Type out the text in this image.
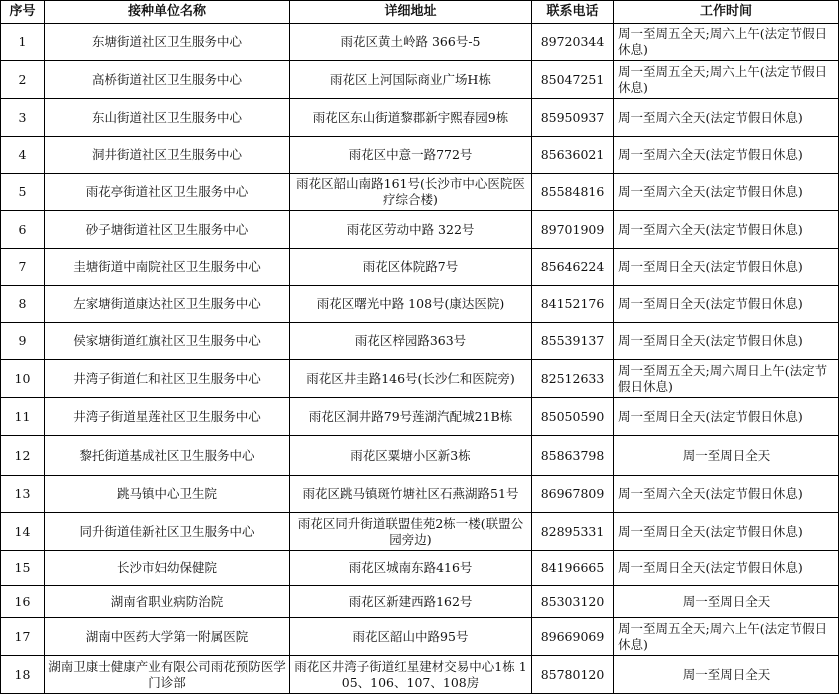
序号	接种单位名称	详细地址	联系电话	工作时间
1	东塘街道社区卫生服务中心	雨花区黄土岭路 366号-5	89720344	周一至周五全天;周六上午(法定节假日休息)
2	高桥街道社区卫生服务中心	雨花区上河国际商业广场H栋	85047251	周一至周五全天;周六上午(法定节假日休息)
3	东山街道社区卫生服务中心	雨花区东山街道黎郡新宇熙春园9栋	85950937	周一至周六全天(法定节假日休息)
4	洞井街道社区卫生服务中心	雨花区中意一路772号	85636021	周一至周六全天(法定节假日休息)
5	雨花亭街道社区卫生服务中心	雨花区韶山南路161号(长沙市中心医院医疗综合楼)	85584816	周一至周六全天(法定节假日休息)
6	砂子塘街道社区卫生服务中心	雨花区劳动中路 322号	89701909	周一至周六全天(法定节假日休息)
7	圭塘街道中南院社区卫生服务中心	雨花区体院路7号	85646224	周一至周日全天(法定节假日休息)
8	左家塘街道康达社区卫生服务中心	雨花区曙光中路 108号(康达医院)	84152176	周一至周日全天(法定节假日休息)
9	侯家塘街道红旗社区卫生服务中心	雨花区梓园路363号	85539137	周一至周日全天(法定节假日休息)
10	井湾子街道仁和社区卫生服务中心	雨花区井圭路146号(长沙仁和医院旁)	82512633	周一至周五全天;周六周日上午(法定节假日休息)
11	井湾子街道星莲社区卫生服务中心	雨花区洞井路79号莲湖汽配城21B栋	85050590	周一至周日全天(法定节假日休息)
12	黎托街道基成社区卫生服务中心	雨花区粟塘小区新3栋	85863798	周一至周日全天
13	跳马镇中心卫生院	雨花区跳马镇斑竹塘社区石燕湖路51号	86967809	周一至周六全天(法定节假日休息)
14	同升街道佳新社区卫生服务中心	雨花区同升街道联盟佳苑2栋一楼(联盟公园旁边)	82895331	周一至周日全天(法定节假日休息)
15	长沙市妇幼保健院	雨花区城南东路416号	84196665	周一至周日全天(法定节假日休息)
16	湖南省职业病防治院	雨花区新建西路162号	85303120	周一至周日全天
17	湖南中医药大学第一附属医院	雨花区韶山中路95号	89669069	周一至周五全天;周六上午(法定节假日休息)
18	湖南卫康士健康产业有限公司雨花预防医学门诊部	雨花区井湾子街道红星建材交易中心1栋 105、106、107、108房	85780120	周一至周日全天
